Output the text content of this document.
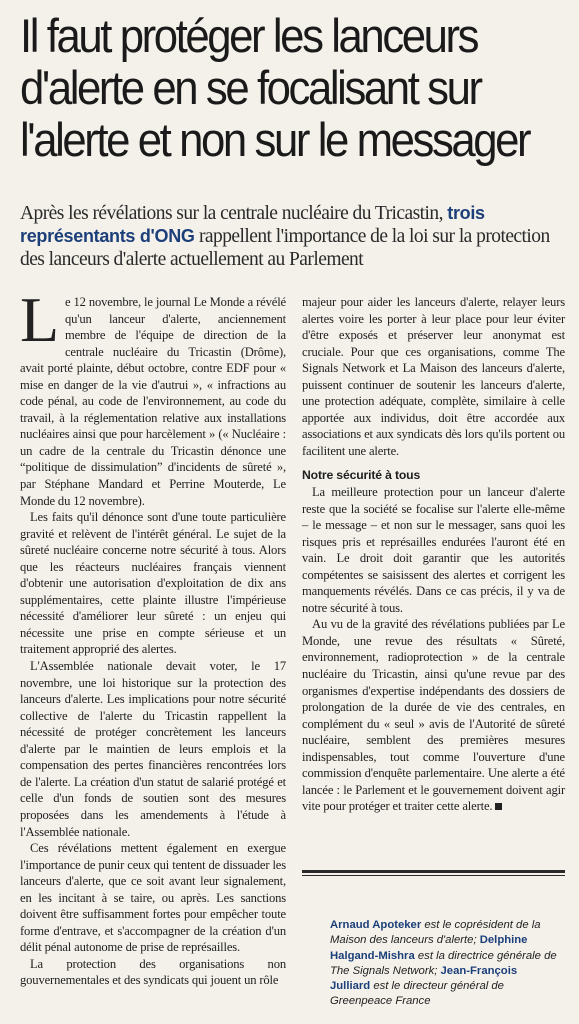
Il faut protéger les lanceurs
d'alerte en se focalisant sur
l'alerte et non sur le messager
Après les révélations sur la centrale nucléaire du Tricastin, trois représentants d'ONG rappellent l'importance de la loi sur la protection des lanceurs d'alerte actuellement au Parlement

Le 12 novembre, le journal Le Monde a révélé qu'un lanceur d'alerte, anciennement membre de l'équipe de direction de la centrale nucléaire du Tricastin (Drôme), avait porté plainte, début octobre, contre EDF pour « mise en danger de la vie d'autrui », « infractions au code pénal, au code de l'environnement, au code du travail, à la réglementation relative aux installations nucléaires ainsi que pour harcèlement » (« Nucléaire : un cadre de la centrale du Tricastin dénonce une “politique de dissimulation” d'incidents de sûreté », par Stéphane Mandard et Perrine Mouterde, Le Monde du 12 novembre).

Les faits qu'il dénonce sont d'une toute particulière gravité et relèvent de l'intérêt général. Le sujet de la sûreté nucléaire concerne notre sécurité à tous. Alors que les réacteurs nucléaires français viennent d'obtenir une autorisation d'exploitation de dix ans supplémentaires, cette plainte illustre l'impérieuse nécessité d'améliorer leur sûreté : un enjeu qui nécessite une prise en compte sérieuse et un traitement approprié des alertes.

L'Assemblée nationale devait voter, le 17 novembre, une loi historique sur la protection des lanceurs d'alerte. Les implications pour notre sécurité collective de l'alerte du Tricastin rappellent la nécessité de protéger concrètement les lanceurs d'alerte par le maintien de leurs emplois et la compensation des pertes financières rencontrées lors de l'alerte. La création d'un statut de salarié protégé et celle d'un fonds de soutien sont des mesures proposées dans les amendements à l'étude à l'Assemblée nationale.

Ces révélations mettent également en exergue l'importance de punir ceux qui tentent de dissuader les lanceurs d'alerte, que ce soit avant leur signalement, en les incitant à se taire, ou après. Les sanctions doivent être suffisamment fortes pour empêcher toute forme d'entrave, et s'accompagner de la création d'un délit pénal autonome de prise de représailles.

La protection des organisations non gouvernementales et des syndicats qui jouent un rôle

majeur pour aider les lanceurs d'alerte, relayer leurs alertes voire les porter à leur place pour leur éviter d'être exposés et préserver leur anonymat est cruciale. Pour que ces organisations, comme The Signals Network et La Maison des lanceurs d'alerte, puissent continuer de soutenir les lanceurs d'alerte, une protection adéquate, complète, similaire à celle apportée aux individus, doit être accordée aux associations et aux syndicats dès lors qu'ils portent ou facilitent une alerte.

Notre sécurité à tous

La meilleure protection pour un lanceur d'alerte reste que la société se focalise sur l'alerte elle-même – le message – et non sur le messager, sans quoi les risques pris et représailles endurées l'auront été en vain. Le droit doit garantir que les autorités compétentes se saisissent des alertes et corrigent les manquements révélés. Dans ce cas précis, il y va de notre sécurité à tous.

Au vu de la gravité des révélations publiées par Le Monde, une revue des résultats « Sûreté, environnement, radioprotection » de la centrale nucléaire du Tricastin, ainsi qu'une revue par des organismes d'expertise indépendants des dossiers de prolongation de la durée de vie des centrales, en complément du « seul » avis de l'Autorité de sûreté nucléaire, semblent des premières mesures indispensables, tout comme l'ouverture d'une commission d'enquête parlementaire. Une alerte a été lancée : le Parlement et le gouvernement doivent agir vite pour protéger et traiter cette alerte.

Arnaud Apoteker est le coprésident de la Maison des lanceurs d'alerte; Delphine Halgand-Mishra est la directrice générale de The Signals Network; Jean-François Julliard est le directeur général de Greenpeace France
